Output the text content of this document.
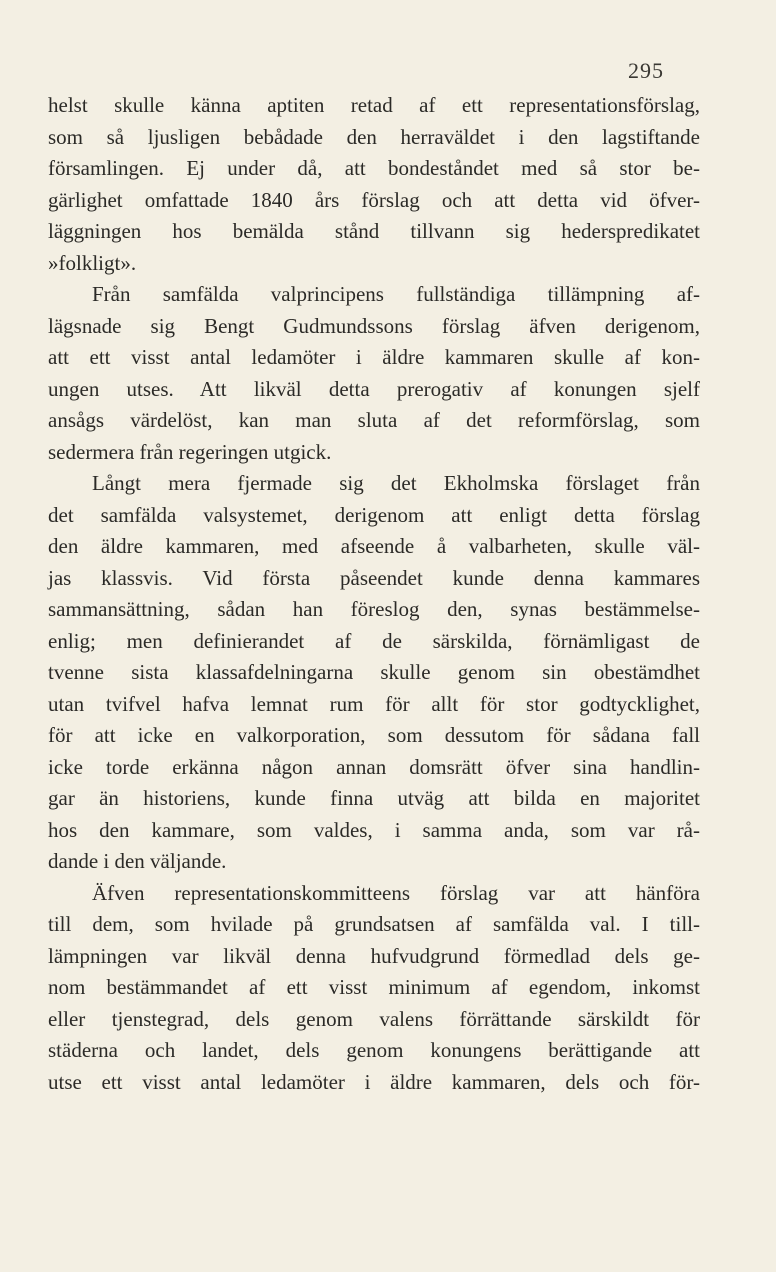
295
helst skulle känna aptiten retad af ett representationsförslag,
som så ljusligen bebådade den herraväldet i den lagstiftande
församlingen. Ej under då, att bondeståndet med så stor be-
gärlighet omfattade 1840 års förslag och att detta vid öfver-
läggningen hos bemälda stånd tillvann sig hederspredikatet
»folkligt».
Från samfälda valprincipens fullständiga tillämpning af-
lägsnade sig Bengt Gudmundssons förslag äfven derigenom,
att ett visst antal ledamöter i äldre kammaren skulle af kon-
ungen utses. Att likväl detta prerogativ af konungen sjelf
ansågs värdelöst, kan man sluta af det reformförslag, som
sedermera från regeringen utgick.
Långt mera fjermade sig det Ekholmska förslaget från
det samfälda valsystemet, derigenom att enligt detta förslag
den äldre kammaren, med afseende å valbarheten, skulle väl-
jas klassvis. Vid första påseendet kunde denna kammares
sammansättning, sådan han föreslog den, synas bestämmelse-
enlig; men definierandet af de särskilda, förnämligast de
tvenne sista klassafdelningarna skulle genom sin obestämdhet
utan tvifvel hafva lemnat rum för allt för stor godtycklighet,
för att icke en valkorporation, som dessutom för sådana fall
icke torde erkänna någon annan domsrätt öfver sina handlin-
gar än historiens, kunde finna utväg att bilda en majoritet
hos den kammare, som valdes, i samma anda, som var rå-
dande i den väljande.
Äfven representationskommitteens förslag var att hänföra
till dem, som hvilade på grundsatsen af samfälda val. I till-
lämpningen var likväl denna hufvudgrund förmedlad dels ge-
nom bestämmandet af ett visst minimum af egendom, inkomst
eller tjenstegrad, dels genom valens förrättande särskildt för
städerna och landet, dels genom konungens berättigande att
utse ett visst antal ledamöter i äldre kammaren, dels och för-
